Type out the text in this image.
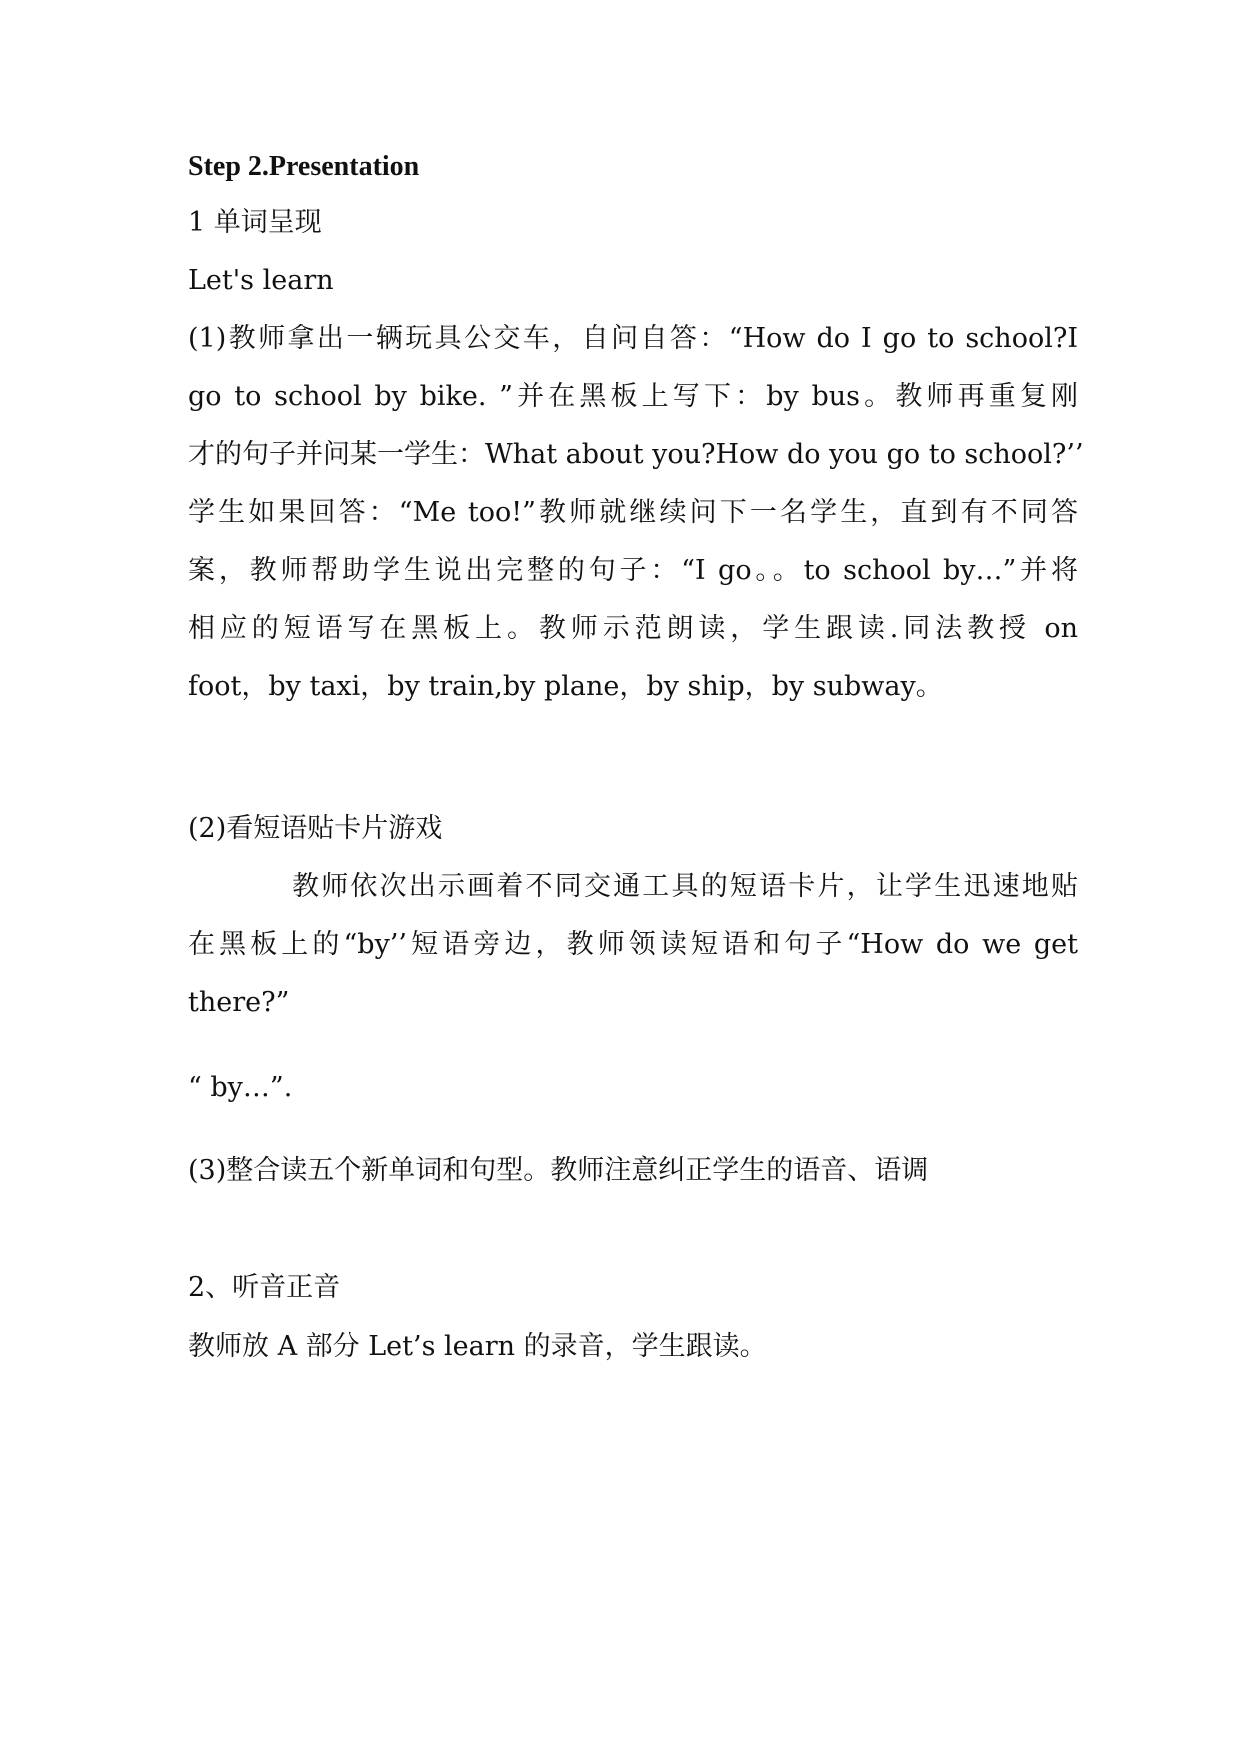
Step 2.Presentation
1 单词呈现
Let's learn
(1)教师拿出一辆玩具公交车，自问自答：“How do I go to school?I
go to school by bike. ”并在黑板上写下：by bus。教师再重复刚
才的句子并问某一学生：What about you?How do you go to school?’’
学生如果回答：“Me too!”教师就继续问下一名学生，直到有不同答
案，教师帮助学生说出完整的句子：“I go。。to school by…”并将
相应的短语写在黑板上。教师示范朗读，学生跟读.同法教授 on
foot，by taxi，by train,by plane，by ship，by subway。
(2)看短语贴卡片游戏
教师依次出示画着不同交通工具的短语卡片，让学生迅速地贴
在黑板上的“by’’短语旁边，教师领读短语和句子“How do we get
there?”
“ by…”.
(3)整合读五个新单词和句型。教师注意纠正学生的语音、语调
2、听音正音
教师放 A 部分 Let’s learn 的录音，学生跟读。
